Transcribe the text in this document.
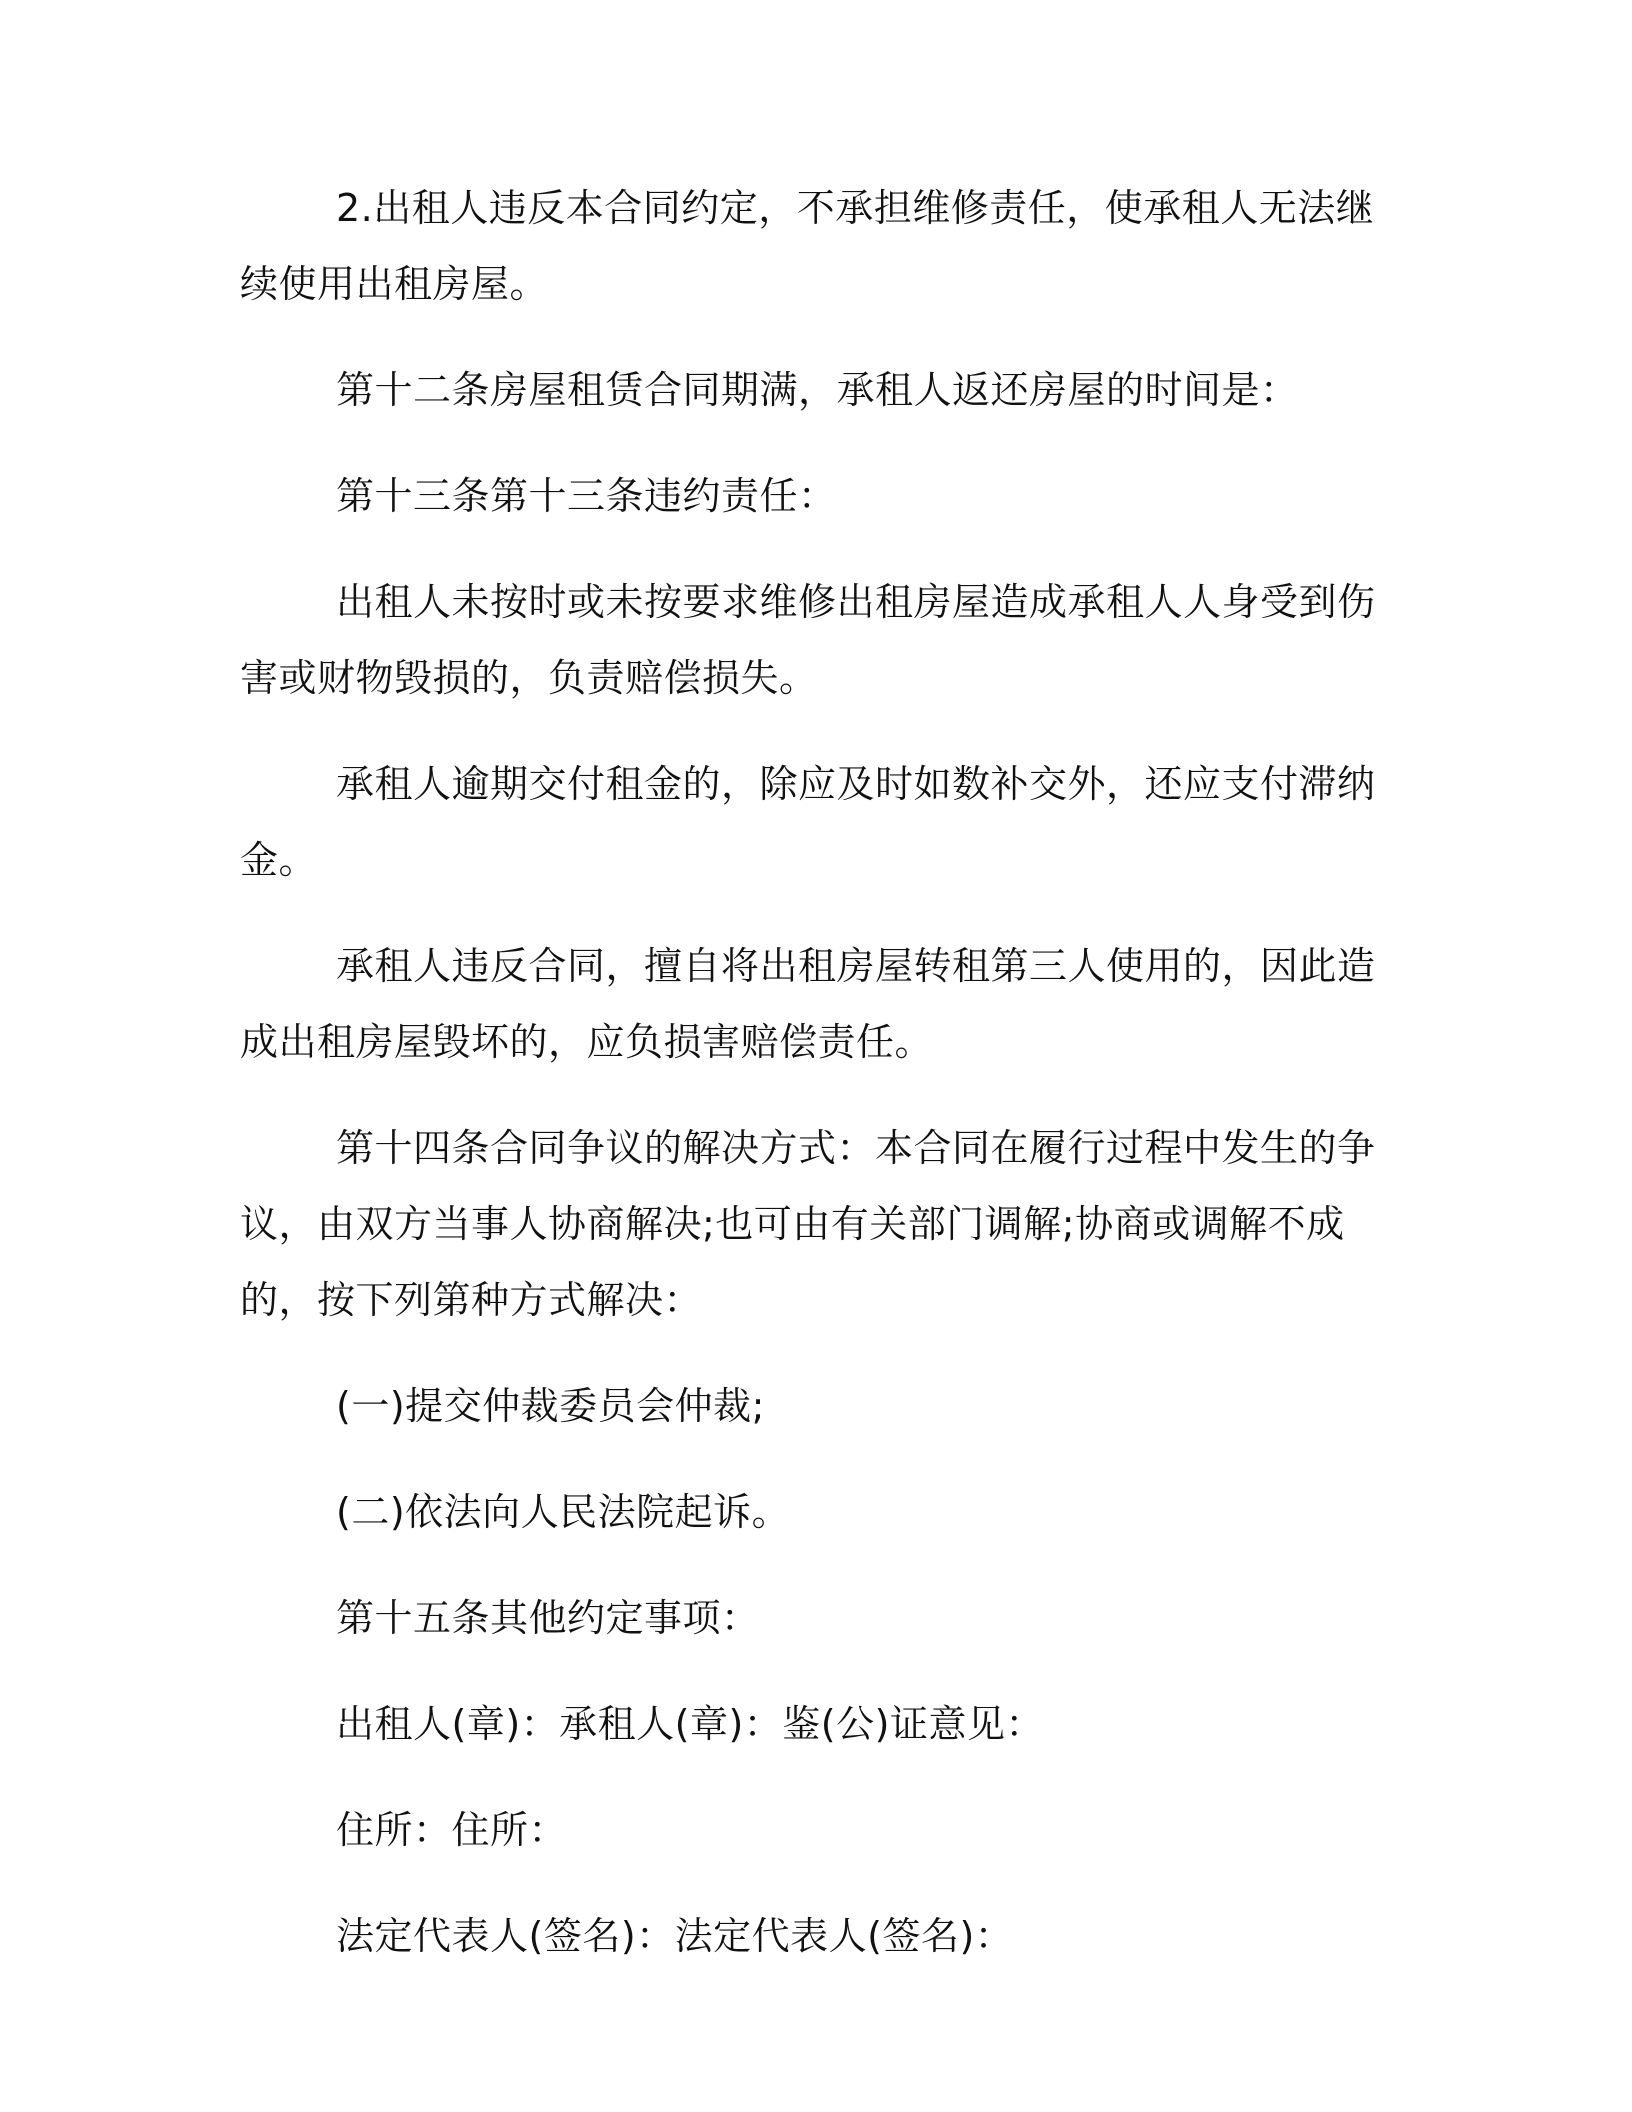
2.出租人违反本合同约定，不承担维修责任，使承租人无法继续使用出租房屋。

第十二条房屋租赁合同期满，承租人返还房屋的时间是：

第十三条第十三条违约责任：

出租人未按时或未按要求维修出租房屋造成承租人人身受到伤害或财物毁损的，负责赔偿损失。

承租人逾期交付租金的，除应及时如数补交外，还应支付滞纳金。

承租人违反合同，擅自将出租房屋转租第三人使用的，因此造成出租房屋毁坏的，应负损害赔偿责任。

第十四条合同争议的解决方式：本合同在履行过程中发生的争议，由双方当事人协商解决;也可由有关部门调解;协商或调解不成的，按下列第种方式解决：

(一)提交仲裁委员会仲裁;

(二)依法向人民法院起诉。

第十五条其他约定事项：

出租人(章)：承租人(章)：鉴(公)证意见：

住所：住所：

法定代表人(签名)：法定代表人(签名)：
